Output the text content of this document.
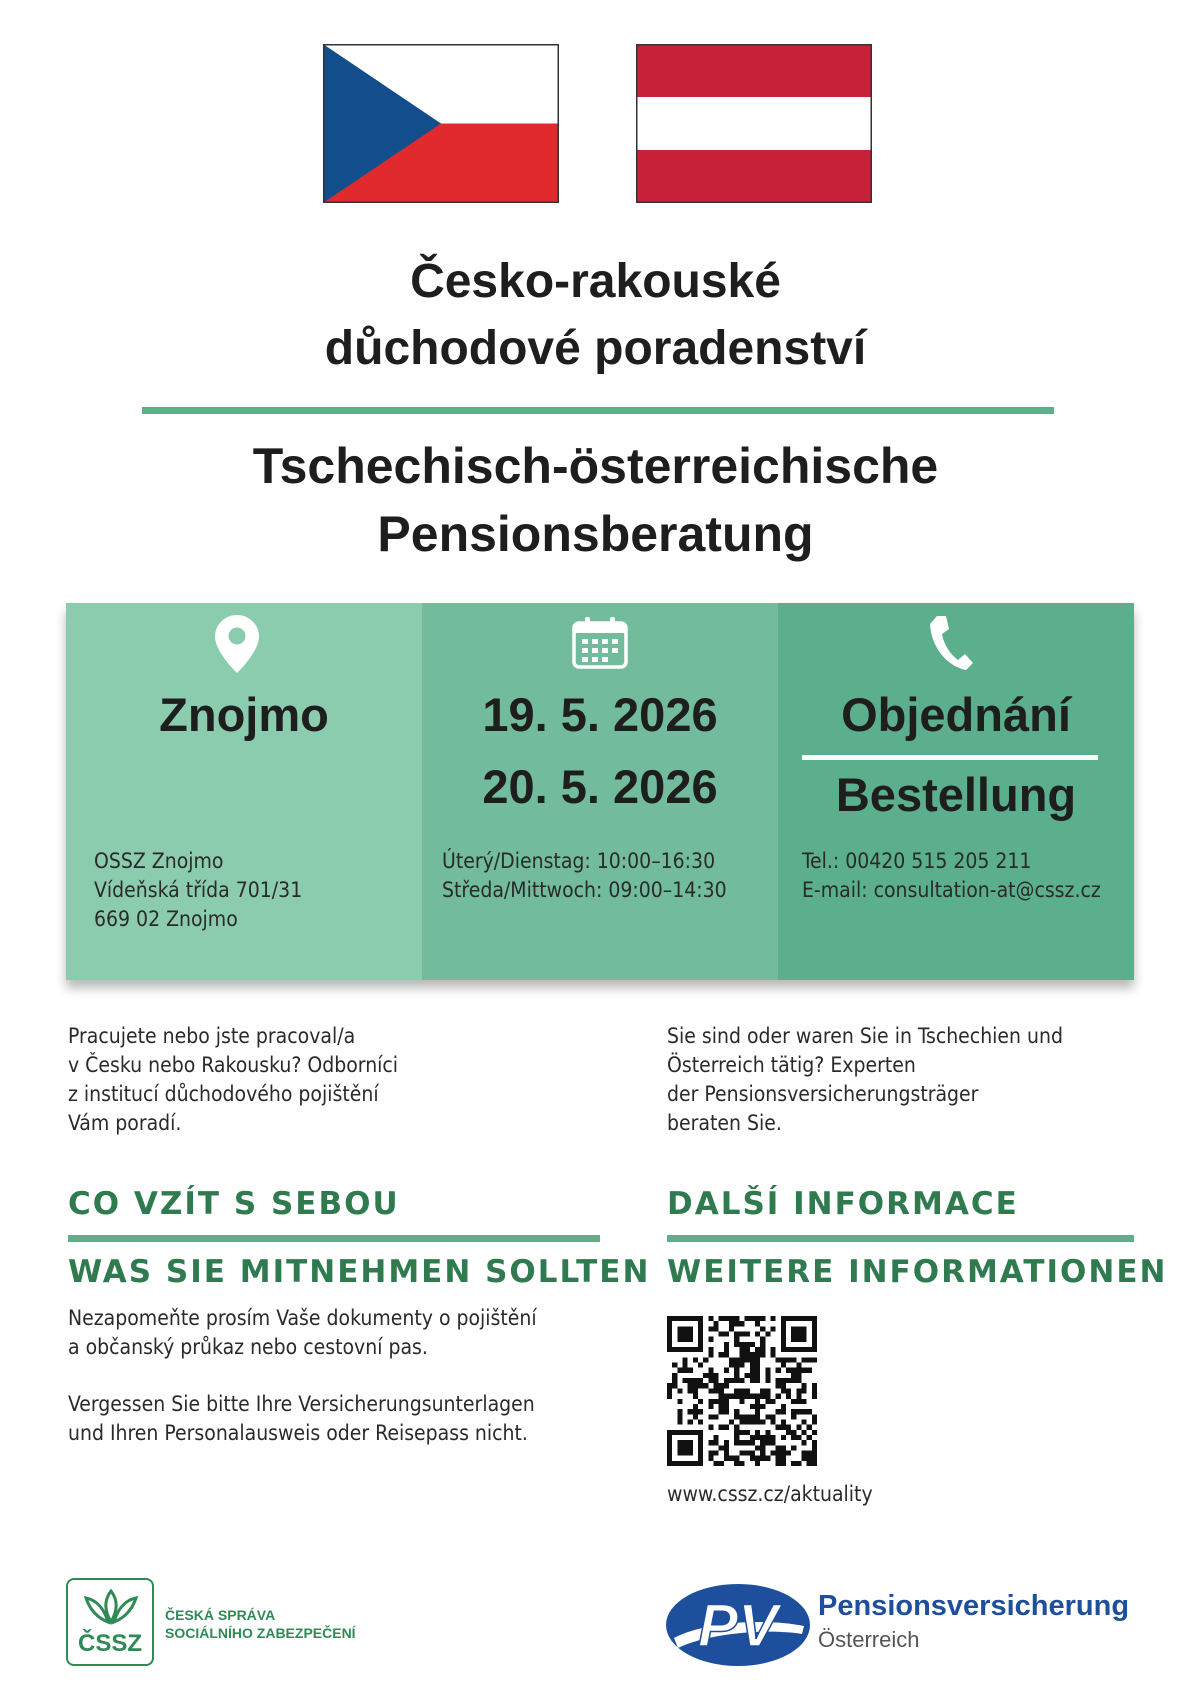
Česko-rakouské
důchodové poradenství
Tschechisch-österreichische
Pensionsberatung
Znojmo
OSSZ Znojmo
Vídeňská třída 701/31
669 02 Znojmo
19. 5. 2026
20. 5. 2026
Úterý/Dienstag: 10:00–16:30
Středa/Mittwoch: 09:00–14:30
Objednání
Bestellung
Tel.: 00420 515 205 211
E-mail: consultation-at@cssz.cz
Pracujete nebo jste pracoval/a
v Česku nebo Rakousku? Odborníci
z institucí důchodového pojištění
Vám poradí.
Sie sind oder waren Sie in Tschechien und
Österreich tätig? Experten
der Pensionsversicherungsträger
beraten Sie.
CO VZÍT S SEBOU
WAS SIE MITNEHMEN SOLLTEN
Nezapomeňte prosím Vaše dokumenty o pojištění
a občanský průkaz nebo cestovní pas.
Vergessen Sie bitte Ihre Versicherungsunterlagen
und Ihren Personalausweis oder Reisepass nicht.
DALŠÍ INFORMACE
WEITERE INFORMATIONEN
www.cssz.cz/aktuality
ČSSZ
ČESKÁ SPRÁVA
SOCIÁLNÍHO ZABEZPEČENÍ	PV Pensionsversicherung
Österreich
